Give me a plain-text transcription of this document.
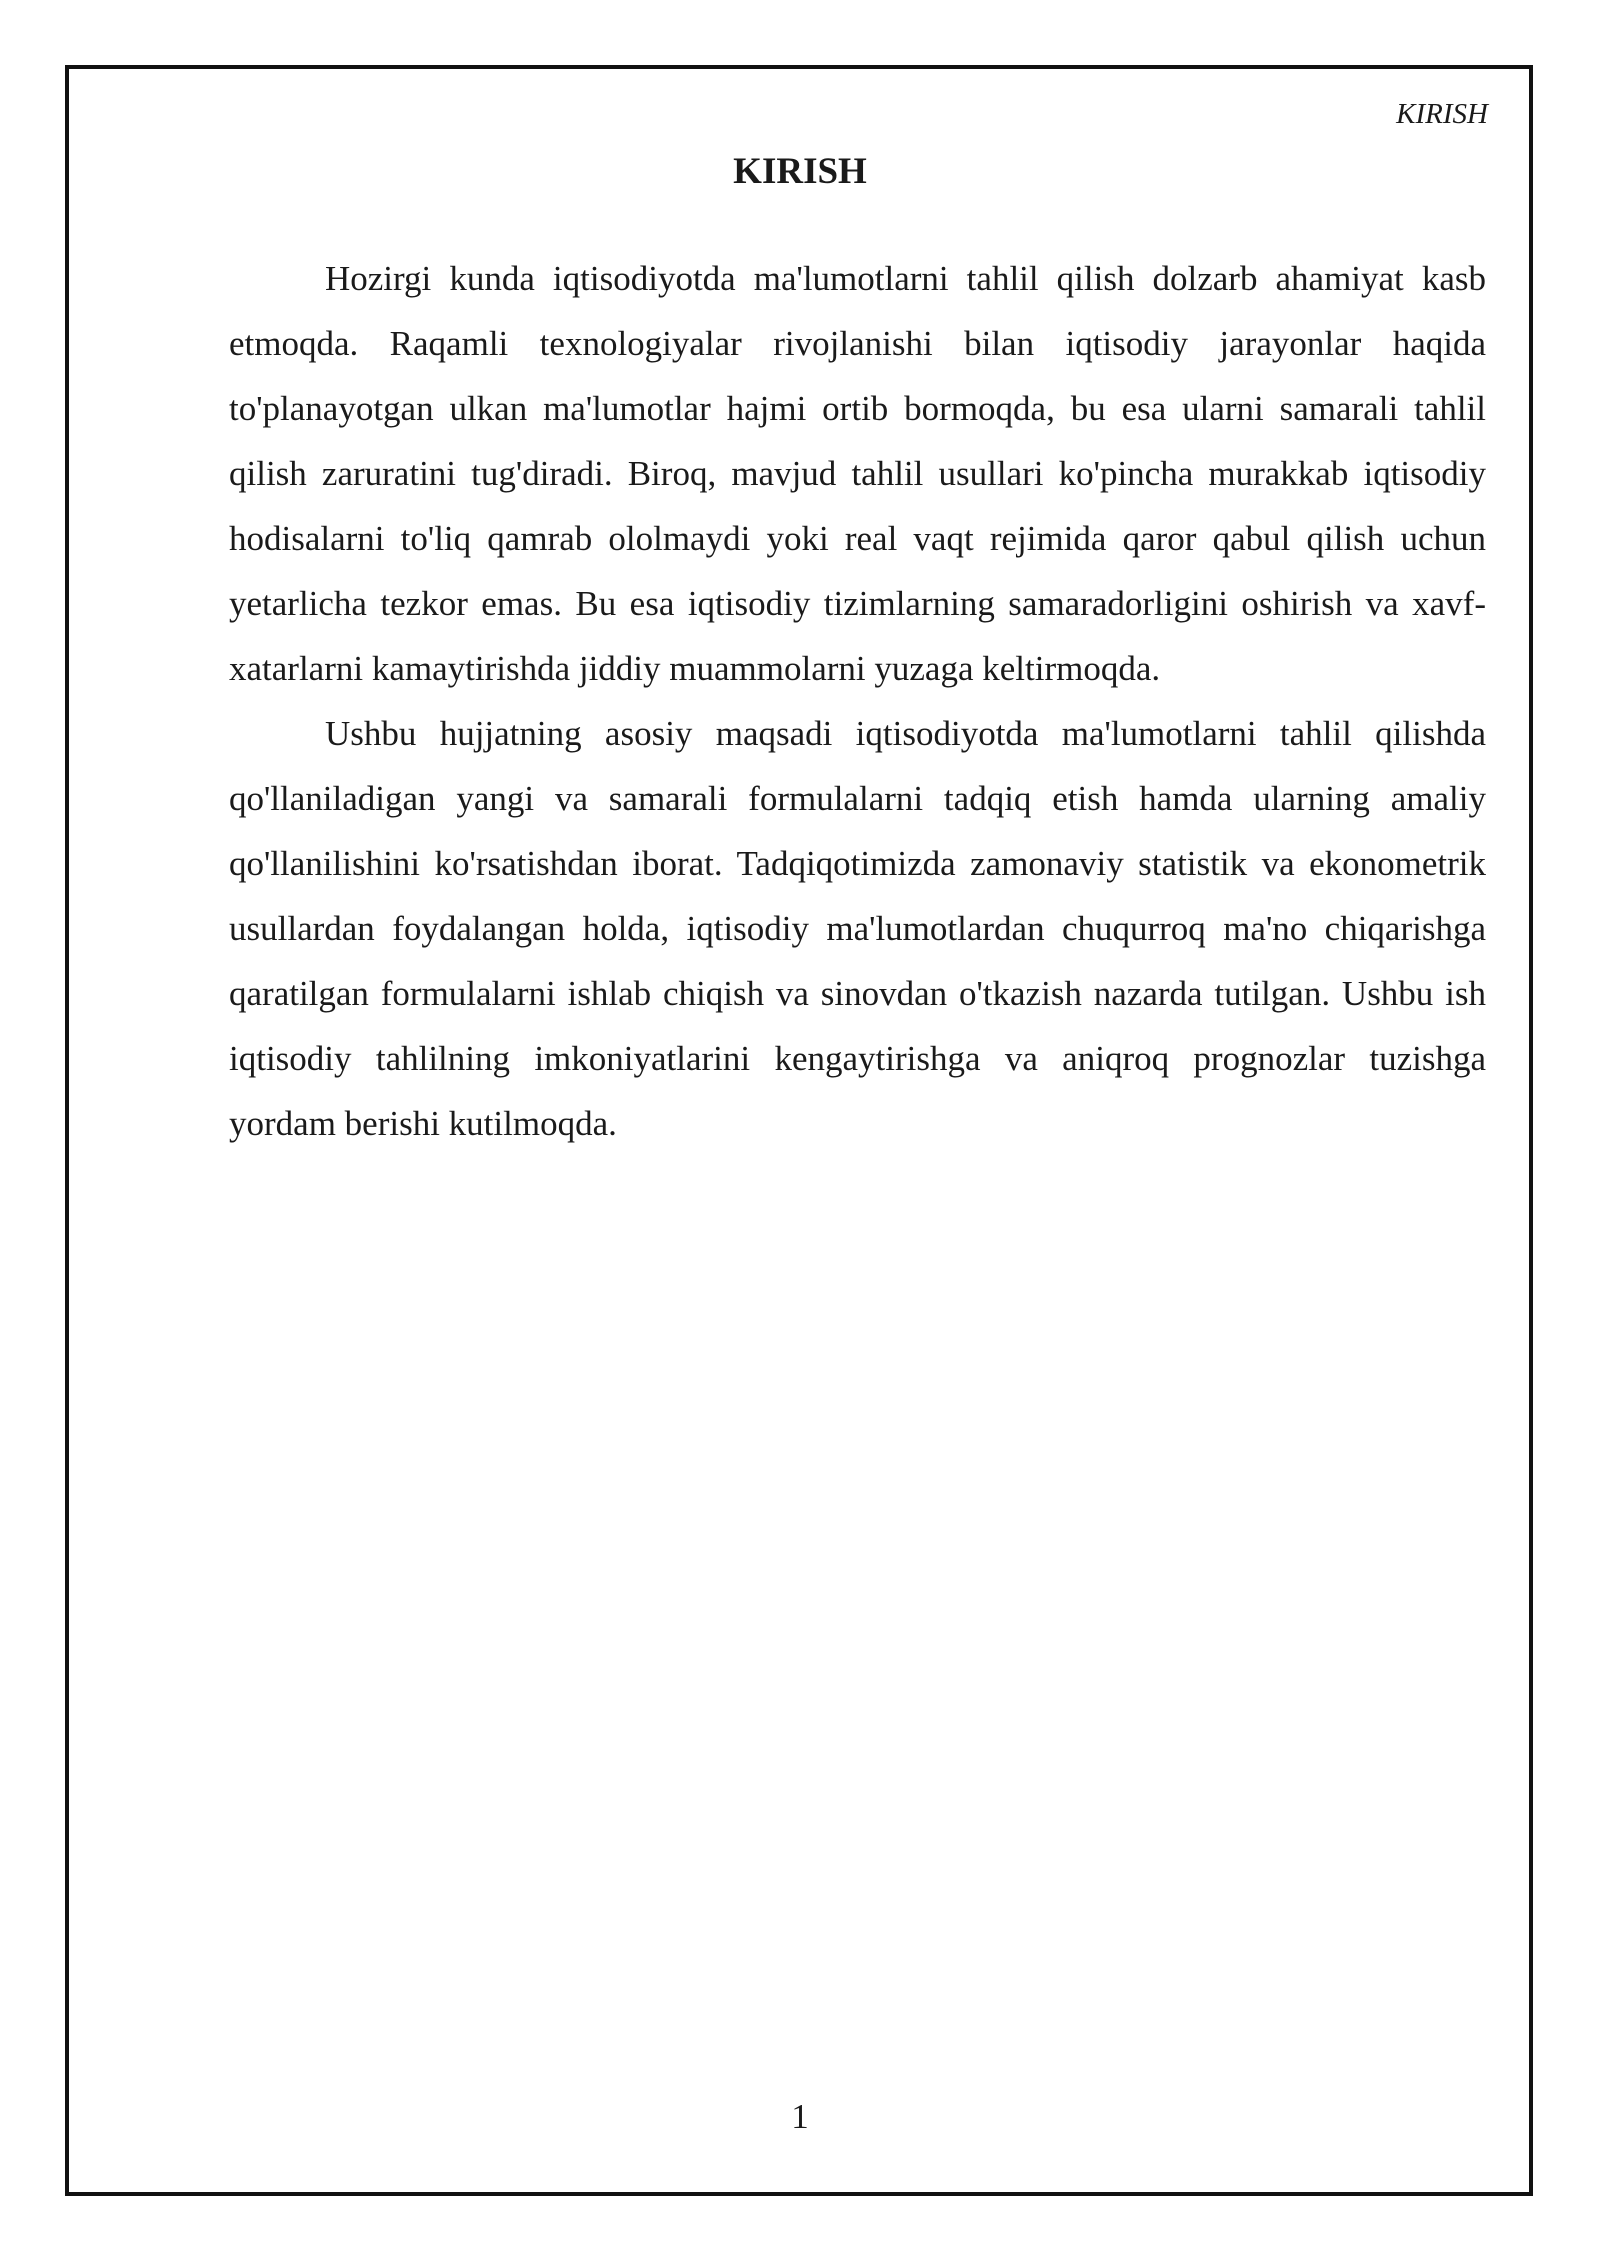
KIRISH
KIRISH

Hozirgi kunda iqtisodiyotda ma'lumotlarni tahlil qilish dolzarb ahamiyat kasb etmoqda. Raqamli texnologiyalar rivojlanishi bilan iqtisodiy jarayonlar haqida to'planayotgan ulkan ma'lumotlar hajmi ortib bormoqda, bu esa ularni samarali tahlil qilish zaruratini tug'diradi. Biroq, mavjud tahlil usullari ko'pincha murakkab iqtisodiy hodisalarni to'liq qamrab ololmaydi yoki real vaqt rejimida qaror qabul qilish uchun yetarlicha tezkor emas. Bu esa iqtisodiy tizimlarning samaradorligini oshirish va xavf-xatarlarni kamaytirishda jiddiy muammolarni yuzaga keltirmoqda.

Ushbu hujjatning asosiy maqsadi iqtisodiyotda ma'lumotlarni tahlil qilishda qo'llaniladigan yangi va samarali formulalarni tadqiq etish hamda ularning amaliy qo'llanilishini ko'rsatishdan iborat. Tadqiqotimizda zamonaviy statistik va ekonometrik usullardan foydalangan holda, iqtisodiy ma'lumotlardan chuqurroq ma'no chiqarishga qaratilgan formulalarni ishlab chiqish va sinovdan o'tkazish nazarda tutilgan. Ushbu ish iqtisodiy tahlilning imkoniyatlarini kengaytirishga va aniqroq prognozlar tuzishga yordam berishi kutilmoqda.

1
